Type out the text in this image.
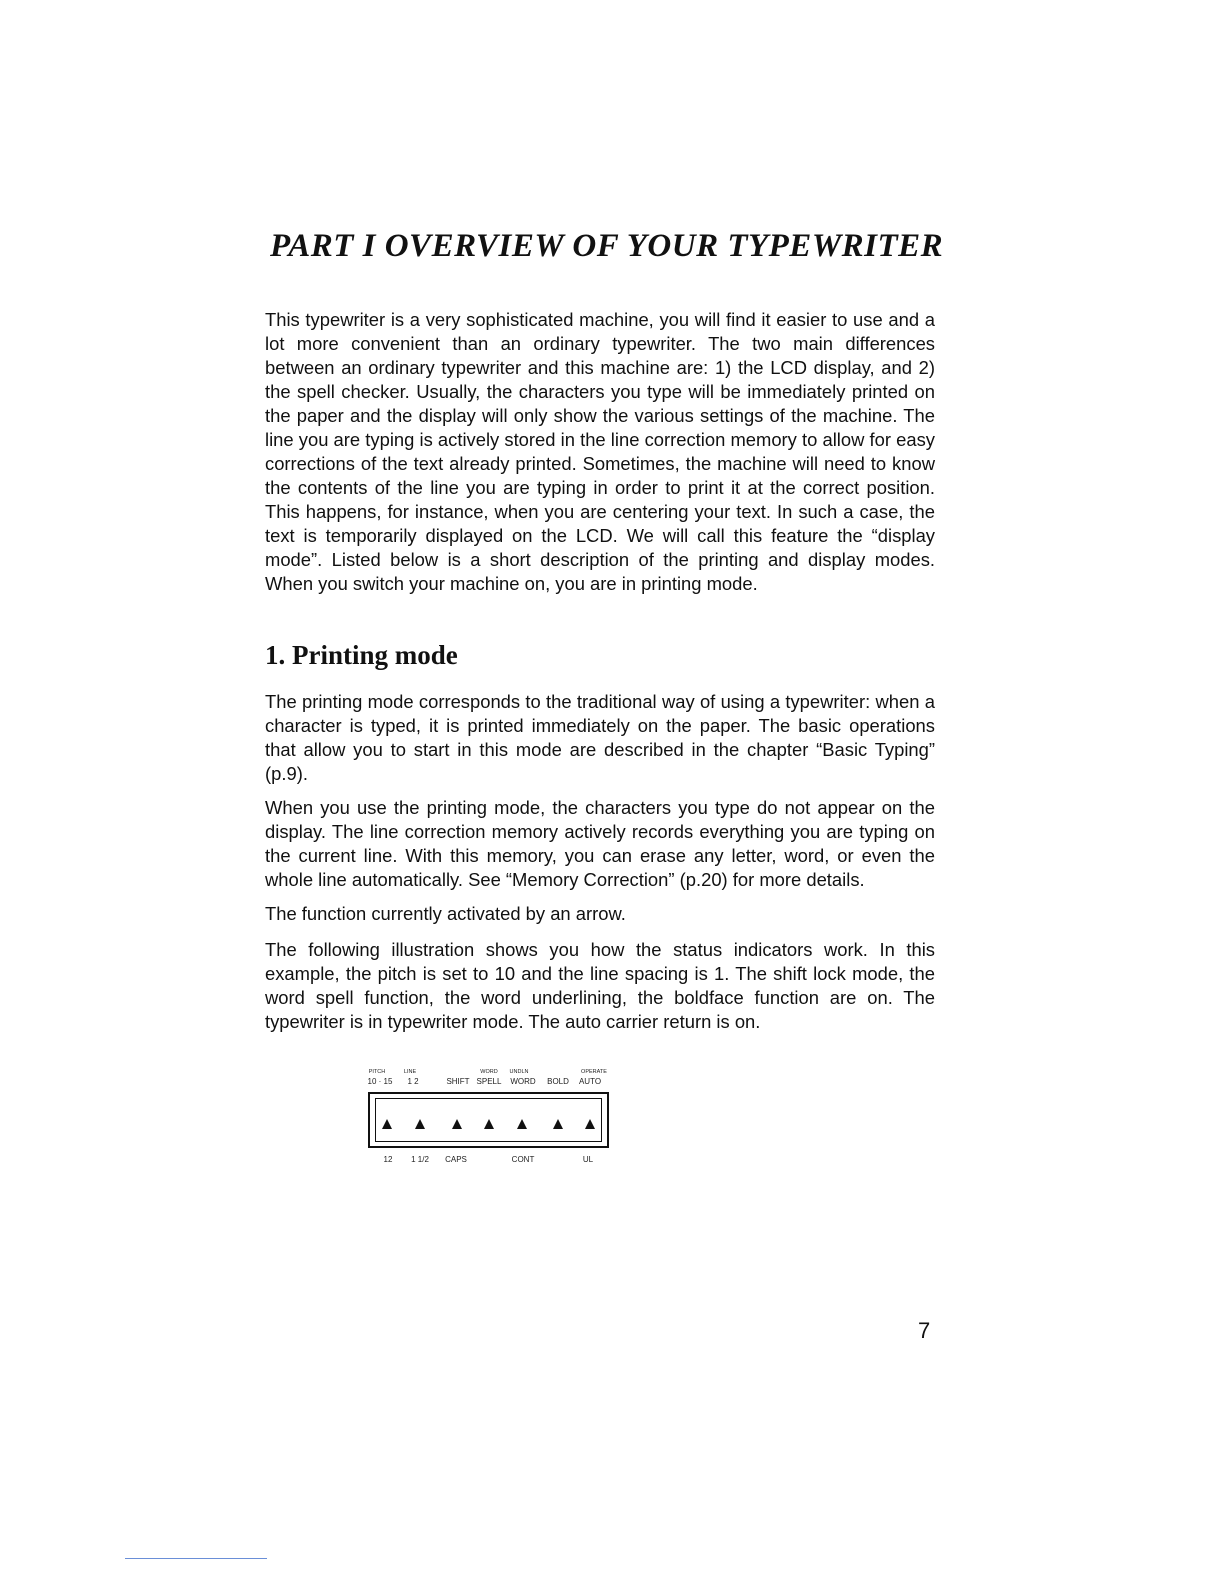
PART I OVERVIEW OF YOUR TYPEWRITER

This typewriter is a very sophisticated machine, you will find it easier to use and a lot more convenient than an ordinary typewriter. The two main differences between an ordinary typewriter and this machine are: 1) the LCD display, and 2) the spell checker. Usually, the characters you type will be immediately printed on the paper and the display will only show the various settings of the machine. The line you are typing is actively stored in the line correction memory to allow for easy corrections of the text already printed. Sometimes, the machine will need to know the contents of the line you are typing in order to print it at the correct position. This happens, for instance, when you are centering your text. In such a case, the text is temporarily displayed on the LCD. We will call this feature the “display mode”. Listed below is a short description of the printing and display modes. When you switch your machine on, you are in printing mode.

1. Printing mode

The printing mode corresponds to the traditional way of using a typewriter: when a character is typed, it is printed immediately on the paper. The basic operations that allow you to start in this mode are described in the chapter “Basic Typing” (p.9).

When you use the printing mode, the characters you type do not appear on the display. The line correction memory actively records everything you are typing on the current line. With this memory, you can erase any letter, word, or even the whole line automatically. See “Memory Correction” (p.20) for more details.

The function currently activated by an arrow.

The following illustration shows you how the status indicators work. In this example, the pitch is set to 10 and the line spacing is 1. The shift lock mode, the word spell function, the word underlining, the boldface function are on. The typewriter is in typewriter mode. The auto carrier return is on.

PITCH	LINE	WORD UNDLN	OPERATE
10 · 15 1 2	SHIFT SPELL WORD BOLD AUTO
12 1 1/2 CAPS	CONT	UL

7
